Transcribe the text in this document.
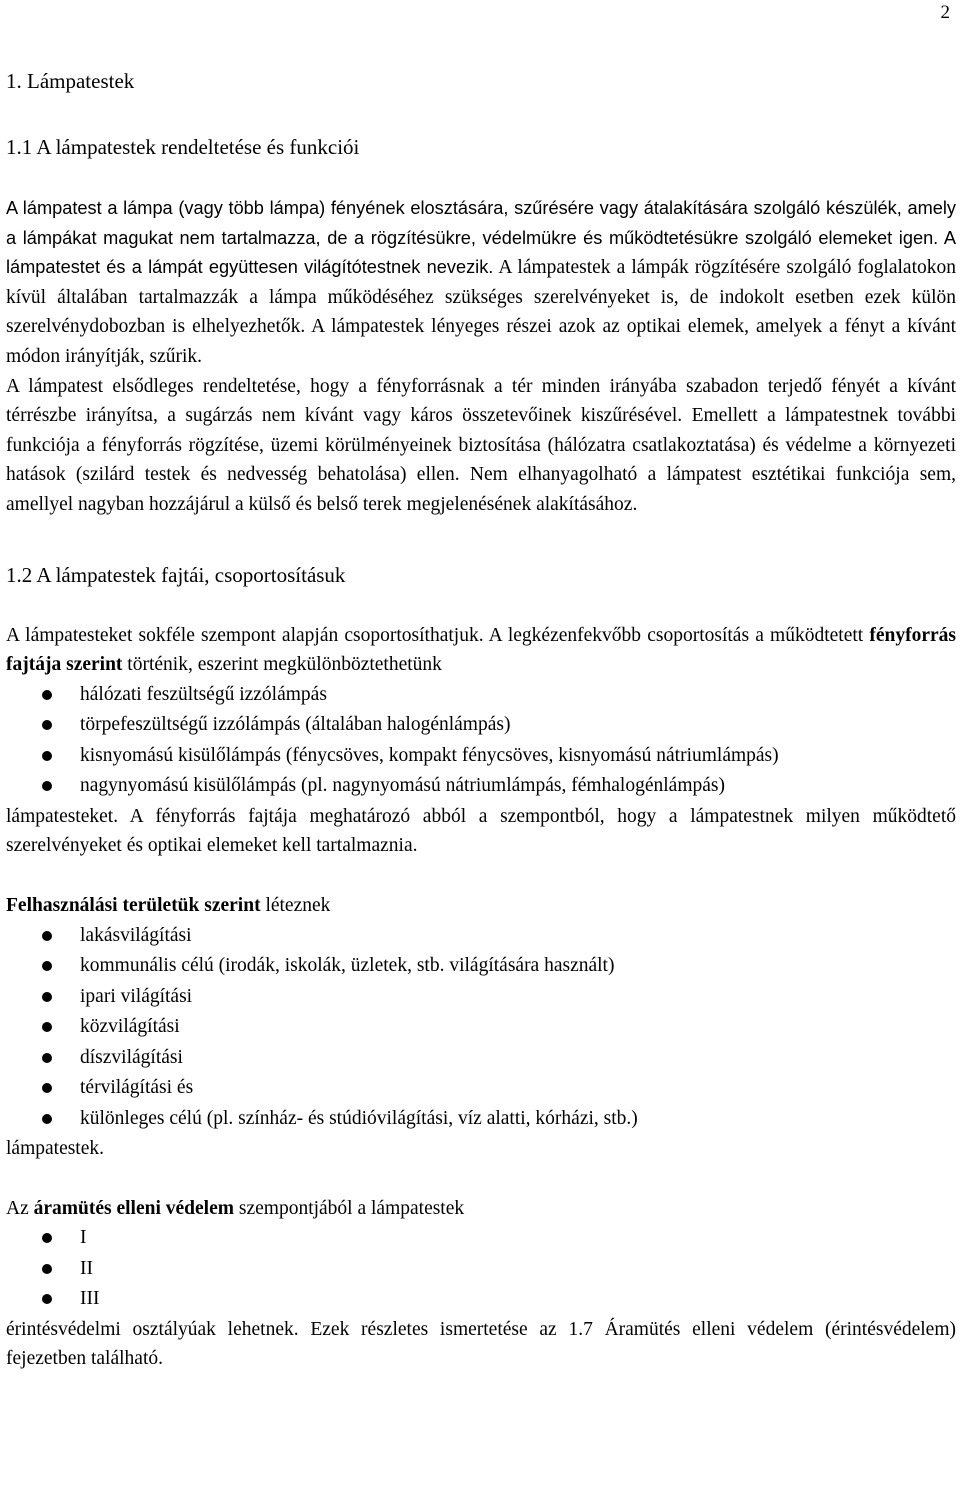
2
1. Lámpatestek
1.1 A lámpatestek rendeltetése és funkciói

A lámpatest a lámpa (vagy több lámpa) fényének elosztására, szűrésére vagy átalakítására szolgáló készülék, amely a lámpákat magukat nem tartalmazza, de a rögzítésükre, védelmükre és működtetésükre szolgáló elemeket igen. A lámpatestet és a lámpát együttesen világítótestnek nevezik. A lámpatestek a lámpák rögzítésére szolgáló foglalatokon kívül általában tartalmazzák a lámpa működéséhez szükséges szerelvényeket is, de indokolt esetben ezek külön szerelvénydobozban is elhelyezhetők. A lámpatestek lényeges részei azok az optikai elemek, amelyek a fényt a kívánt módon irányítják, szűrik.

A lámpatest elsődleges rendeltetése, hogy a fényforrásnak a tér minden irányába szabadon terjedő fényét a kívánt térrészbe irányítsa, a sugárzás nem kívánt vagy káros összetevőinek kiszűrésével. Emellett a lámpatestnek további funkciója a fényforrás rögzítése, üzemi körülményeinek biztosítása (hálózatra csatlakoztatása) és védelme a környezeti hatások (szilárd testek és nedvesség behatolása) ellen. Nem elhanyagolható a lámpatest esztétikai funkciója sem, amellyel nagyban hozzájárul a külső és belső terek megjelenésének alakításához.

1.2 A lámpatestek fajtái, csoportosításuk

A lámpatesteket sokféle szempont alapján csoportosíthatjuk. A legkézenfekvőbb csoportosítás a működtetett fényforrás fajtája szerint történik, eszerint megkülönböztethetünk

hálózati feszültségű izzólámpás
törpefeszültségű izzólámpás (általában halogénlámpás)
kisnyomású kisülőlámpás (fénycsöves, kompakt fénycsöves, kisnyomású nátriumlámpás)
nagynyomású kisülőlámpás (pl. nagynyomású nátriumlámpás, fémhalogénlámpás)

lámpatesteket. A fényforrás fajtája meghatározó abból a szempontból, hogy a lámpatestnek milyen működtető szerelvényeket és optikai elemeket kell tartalmaznia.

Felhasználási területük szerint léteznek

lakásvilágítási
kommunális célú (irodák, iskolák, üzletek, stb. világítására használt)
ipari világítási
közvilágítási
díszvilágítási
térvilágítási és
különleges célú (pl. színház- és stúdióvilágítási, víz alatti, kórházi, stb.)

lámpatestek.

Az áramütés elleni védelem szempontjából a lámpatestek

I
II
III

érintésvédelmi osztályúak lehetnek. Ezek részletes ismertetése az 1.7 Áramütés elleni védelem (érintésvédelem) fejezetben található.
